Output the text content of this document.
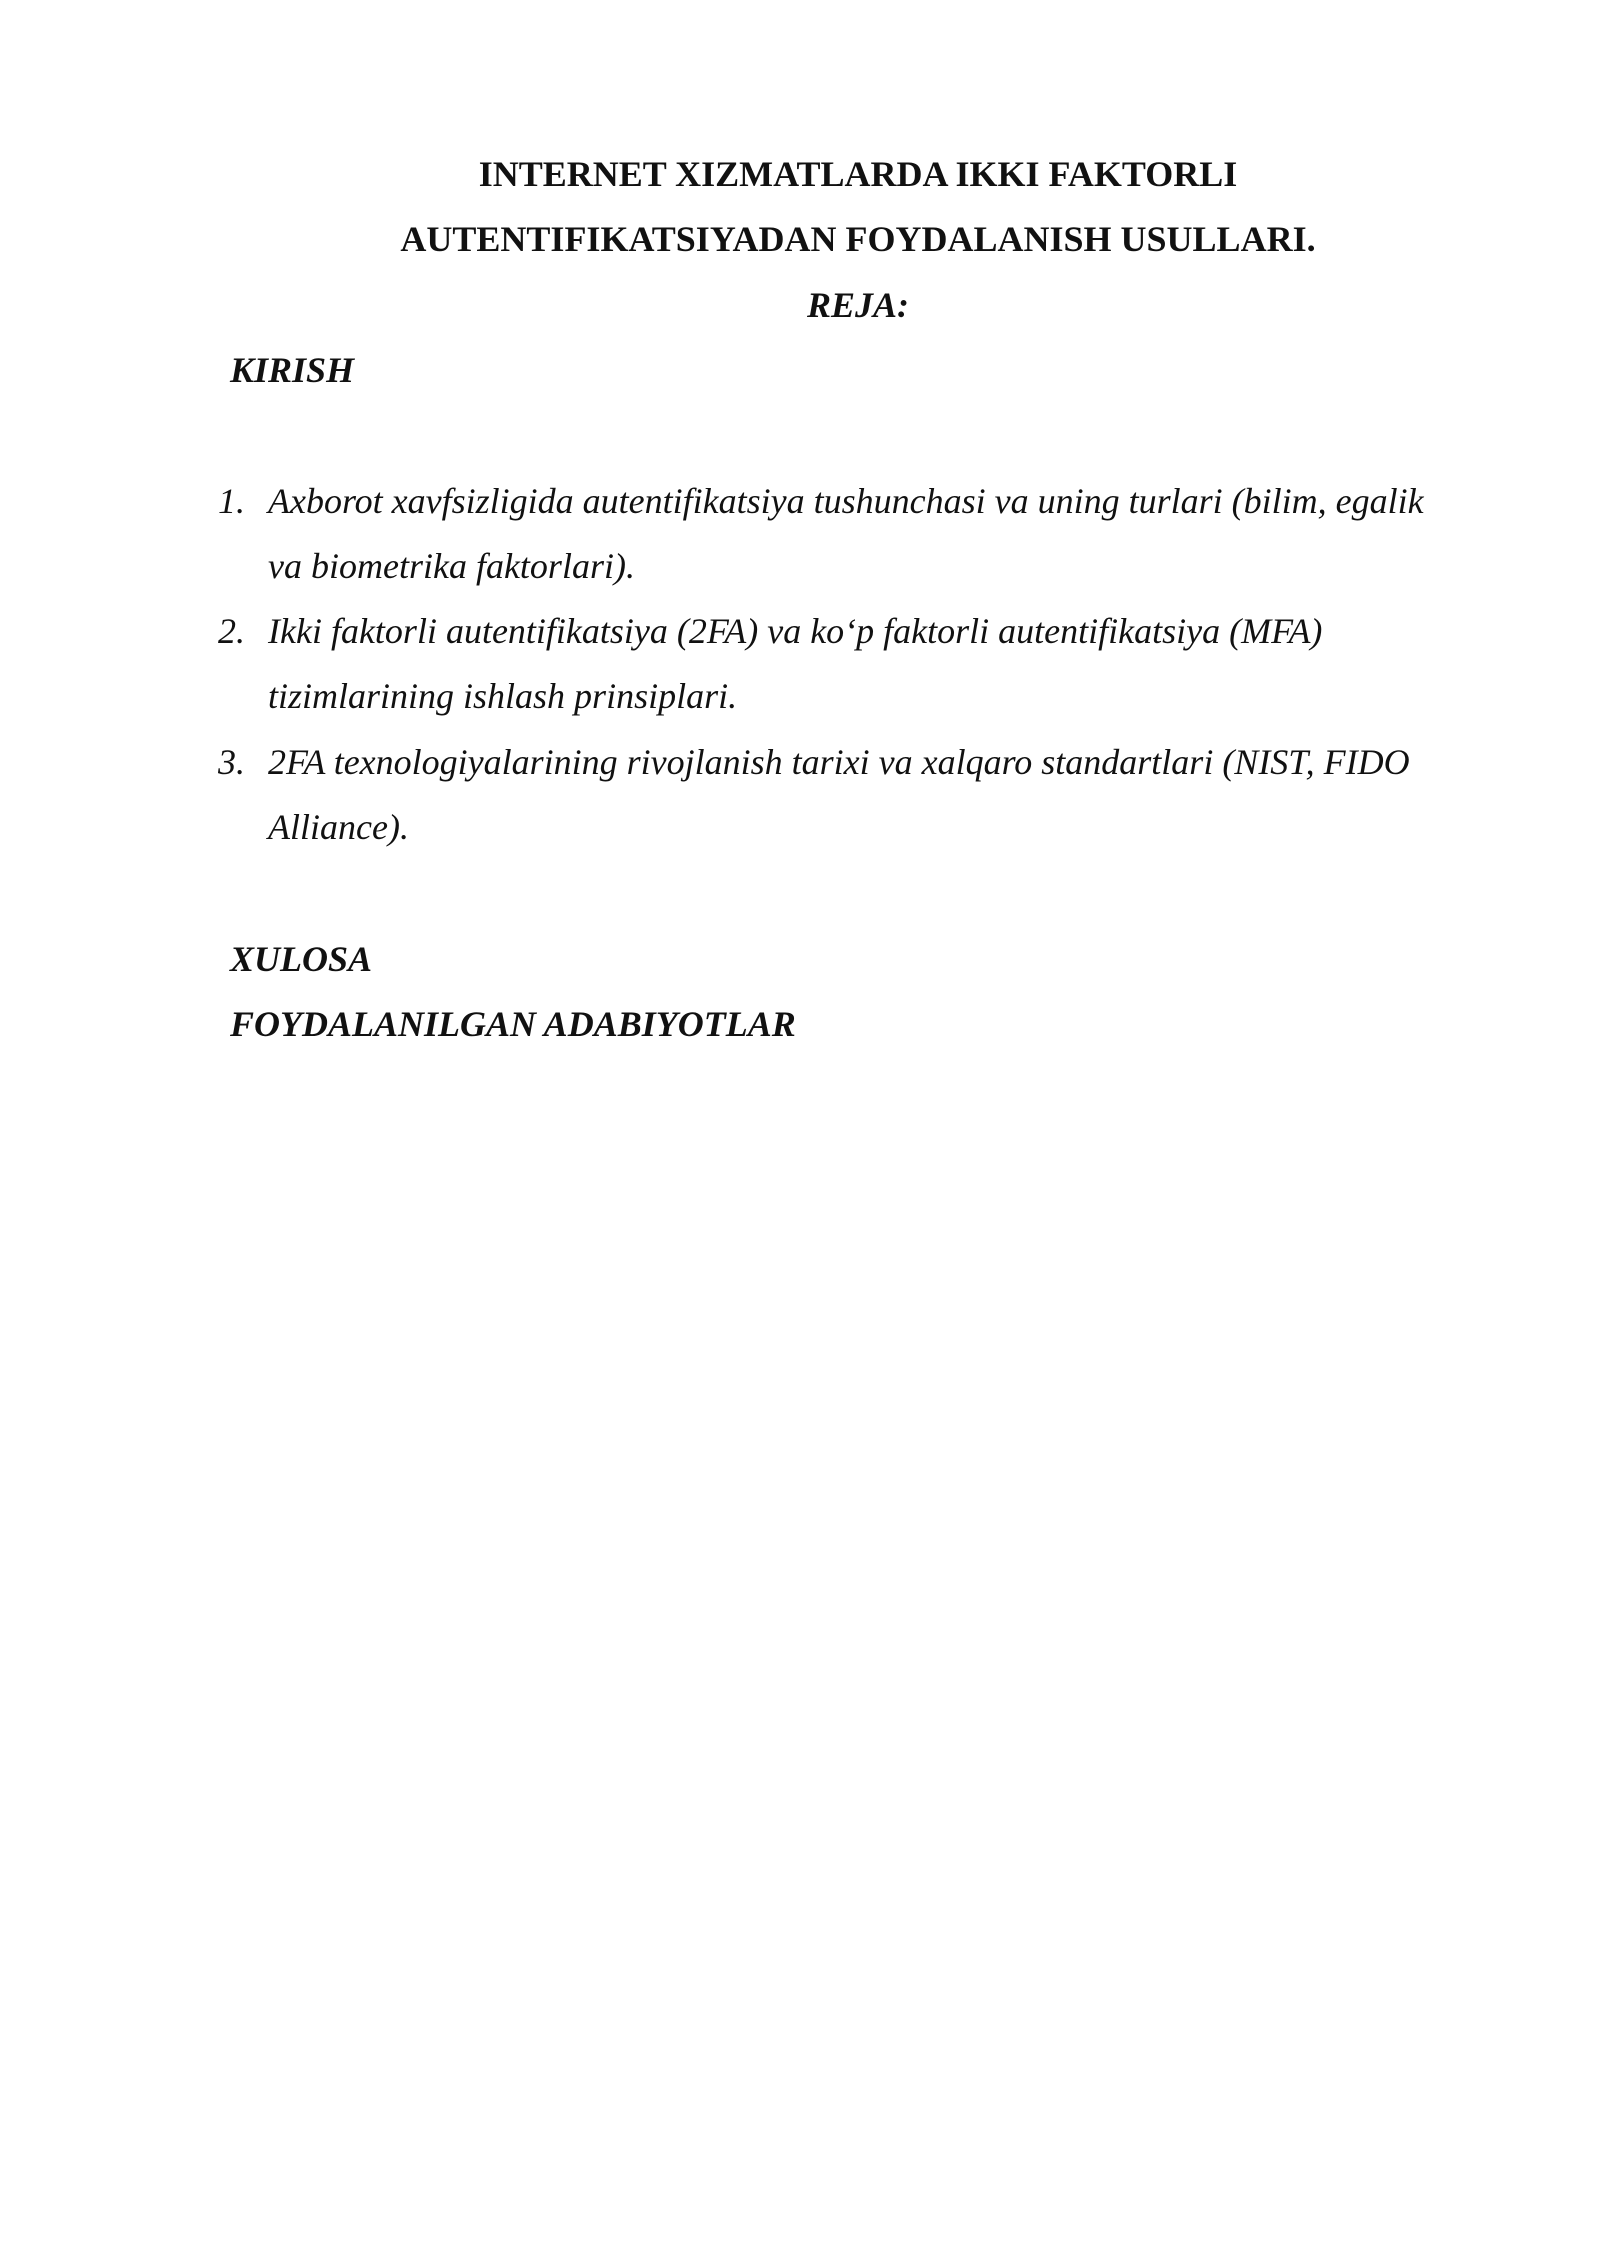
INTERNET XIZMATLARDA IKKI FAKTORLI
AUTENTIFIKATSIYADAN FOYDALANISH USULLARI.
REJA:
KIRISH
1. Axborot xavfsizligida autentifikatsiya tushunchasi va uning turlari (bilim, egalik
va biometrika faktorlari).
2. Ikki faktorli autentifikatsiya (2FA) va ko‘p faktorli autentifikatsiya (MFA)
tizimlarining ishlash prinsiplari.
3. 2FA texnologiyalarining rivojlanish tarixi va xalqaro standartlari (NIST, FIDO
Alliance).
XULOSA
FOYDALANILGAN ADABIYOTLAR
